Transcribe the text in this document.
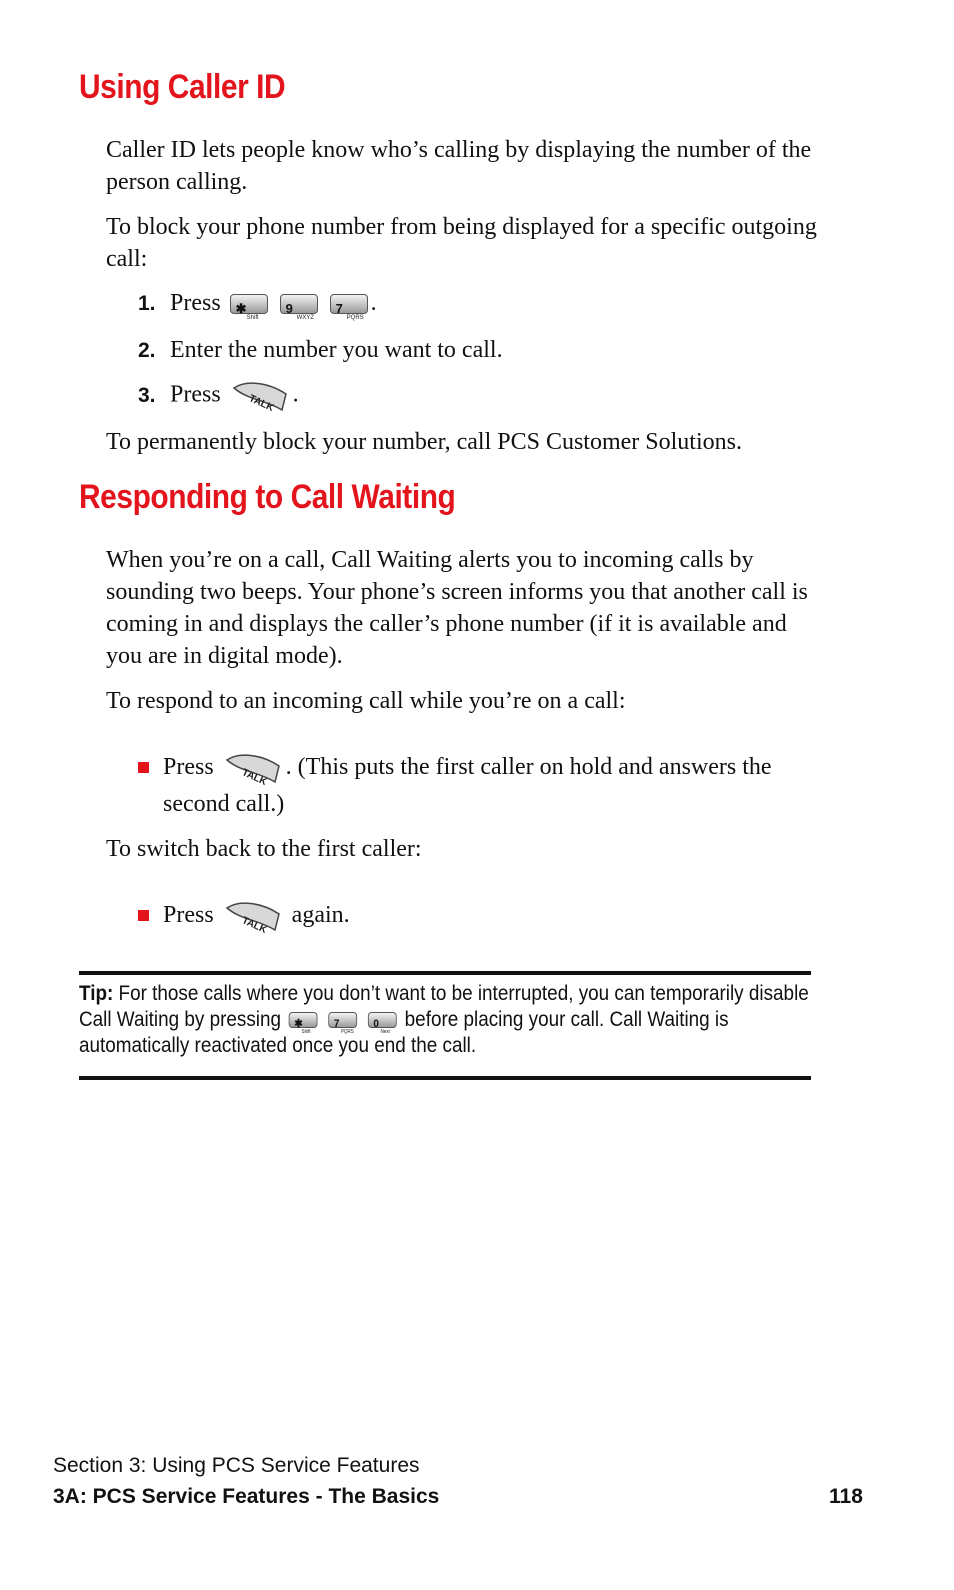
Using Caller ID

Caller ID lets people know who’s calling by displaying the number of the person calling.

To block your phone number from being displayed for a specific outgoing call:

1. Press ✱
Shift

9
WXYZ

7
PQRS
.
2. Enter the number you want to call.
3. Press	TALK .

To permanently block your number, call PCS Customer Solutions.

Responding to Call Waiting

When you’re on a call, Call Waiting alerts you to incoming calls by sounding two beeps. Your phone’s screen informs you that another call is coming in and displays the caller’s phone number (if it is available and you are in digital mode).

To respond to an incoming call while you’re on a call:

Press	TALK . (This puts the first caller on hold and answers the second call.)

To switch back to the first caller:

Press	TALK again.

Tip: For those calls where you don’t want to be interrupted, you can temporarily disable Call Waiting by pressing ✱
Shift

7
PQRS

0
Next
before placing your call. Call Waiting is automatically reactivated once you end the call.

Section 3: Using PCS Service Features

3A: PCS Service Features - The Basics	118
